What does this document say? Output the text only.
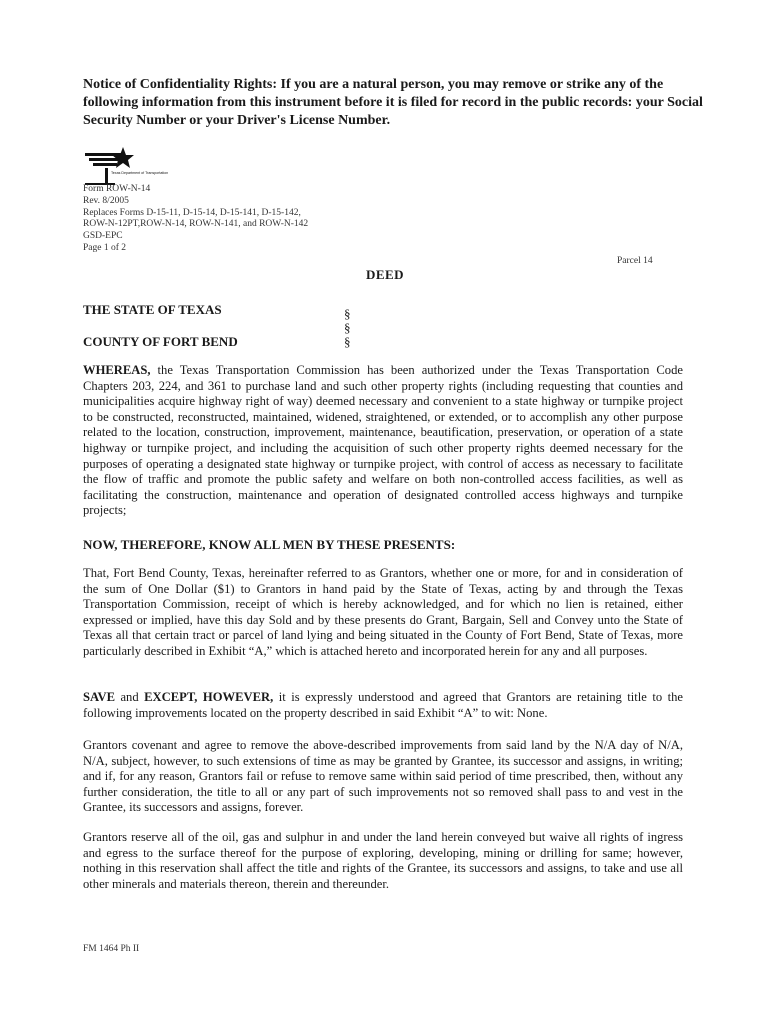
Notice of Confidentiality Rights: If you are a natural person, you may remove or strike any of the following information from this instrument before it is filed for record in the public records: your Social Security Number or your Driver's License Number.
Texas Department of Transportation
Form ROW-N-14
Rev. 8/2005
Replaces Forms D-15-11, D-15-14, D-15-141, D-15-142,
ROW-N-12PT,ROW-N-14, ROW-N-141, and ROW-N-142
GSD-EPC
Page 1 of 2
Parcel 14
DEED
THE STATE OF TEXAS
COUNTY OF FORT BEND
§
§
§
WHEREAS, the Texas Transportation Commission has been authorized under the Texas Transportation Code Chapters 203, 224, and 361 to purchase land and such other property rights (including requesting that counties and municipalities acquire highway right of way) deemed necessary and convenient to a state highway or turnpike project to be constructed, reconstructed, maintained, widened, straightened, or extended, or to accomplish any other purpose related to the location, construction, improvement, maintenance, beautification, preservation, or operation of a state highway or turnpike project, and including the acquisition of such other property rights deemed necessary for the purposes of operating a designated state highway or turnpike project, with control of access as necessary to facilitate the flow of traffic and promote the public safety and welfare on both non-controlled access facilities, as well as facilitating the construction, maintenance and operation of designated controlled access highways and turnpike projects;
NOW, THEREFORE, KNOW ALL MEN BY THESE PRESENTS:
That, Fort Bend County, Texas, hereinafter referred to as Grantors, whether one or more, for and in consideration of the sum of One Dollar ($1) to Grantors in hand paid by the State of Texas, acting by and through the Texas Transportation Commission, receipt of which is hereby acknowledged, and for which no lien is retained, either expressed or implied, have this day Sold and by these presents do Grant, Bargain, Sell and Convey unto the State of Texas all that certain tract or parcel of land lying and being situated in the County of Fort Bend, State of Texas, more particularly described in Exhibit “A,” which is attached hereto and incorporated herein for any and all purposes.
SAVE and EXCEPT, HOWEVER, it is expressly understood and agreed that Grantors are retaining title to the following improvements located on the property described in said Exhibit “A” to wit: None.
Grantors covenant and agree to remove the above-described improvements from said land by the N/A day of N/A, N/A, subject, however, to such extensions of time as may be granted by Grantee, its successor and assigns, in writing; and if, for any reason, Grantors fail or refuse to remove same within said period of time prescribed, then, without any further consideration, the title to all or any part of such improvements not so removed shall pass to and vest in the Grantee, its successors and assigns, forever.
Grantors reserve all of the oil, gas and sulphur in and under the land herein conveyed but waive all rights of ingress and egress to the surface thereof for the purpose of exploring, developing, mining or drilling for same; however, nothing in this reservation shall affect the title and rights of the Grantee, its successors and assigns, to take and use all other minerals and materials thereon, therein and thereunder.
FM 1464 Ph II
